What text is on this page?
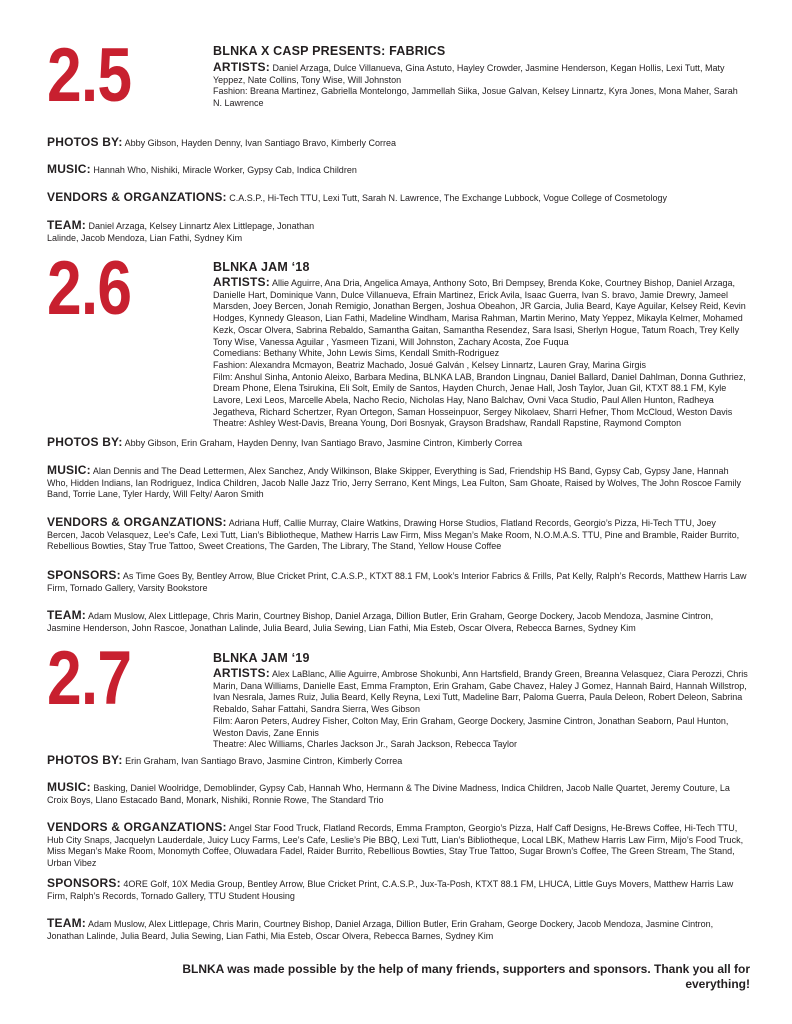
2.5	BLNKA X CASP PRESENTS: FABRICS
ARTISTS: Daniel Arzaga, Dulce Villanueva, Gina Astuto, Hayley Crowder, Jasmine Henderson, Kegan Hollis, Lexi Tutt, Maty Yeppez, Nate Collins, Tony Wise, Will Johnston
Fashion: Breana Martinez, Gabriella Montelongo, Jammellah Siika, Josue Galvan, Kelsey Linnartz, Kyra Jones, Mona Maher, Sarah N. Lawrence
PHOTOS BY: Abby Gibson, Hayden Denny, Ivan Santiago Bravo, Kimberly Correa
MUSIC: Hannah Who, Nishiki, Miracle Worker, Gypsy Cab, Indica Children
VENDORS & ORGANZATIONS: C.A.S.P., Hi-Tech TTU, Lexi Tutt, Sarah N. Lawrence, The Exchange Lubbock, Vogue College of Cosmetology
TEAM: Daniel Arzaga, Kelsey Linnartz Alex Littlepage, Jonathan Lalinde, Jacob Mendoza, Lian Fathi, Sydney Kim
2.6	BLNKA JAM ‘18
ARTISTS: Allie Aguirre, Ana Dria, Angelica Amaya, Anthony Soto, Bri Dempsey, Brenda Koke, Courtney Bishop, Daniel Arzaga, Danielle Hart, Dominique Vann, Dulce Villanueva, Efrain Martinez, Erick Avila, Isaac Guerra, Ivan S. bravo, Jamie Drewry, Jameel Marsden, Joey Bercen, Jonah Remigio, Jonathan Bergen, Joshua Obeahon, JR Garcia, Julia Beard, Kaye Aguilar, Kelsey Reid, Kevin Hodges, Kynnedy Gleason, Lian Fathi, Madeline Windham, Marisa Rahman, Martin Merino, Maty Yeppez, Mikayla Kelmer, Mohamed Kezk, Oscar Olvera, Sabrina Rebaldo, Samantha Gaitan, Samantha Resendez, Sara Isasi, Sherlyn Hogue, Tatum Roach, Trey Kelly Tony Wise, Vanessa Aguilar , Yasmeen Tizani, Will Johnston, Zachary Acosta, Zoe Fuqua
Comedians: Bethany White, John Lewis Sims, Kendall Smith-Rodriguez
Fashion: Alexandra Mcmayon, Beatriz Machado, Josué Galván , Kelsey Linnartz, Lauren Gray, Marina Girgis
Film: Anshul Sinha, Antonio Aleixo, Barbara Medina, BLNKA LAB, Brandon Lingnau, Daniel Ballard, Daniel Dahlman, Donna Guthriez, Dream Phone, Elena Tsirukina, Eli Solt, Emily de Santos, Hayden Church, Jenae Hall, Josh Taylor, Juan Gil, KTXT 88.1 FM, Kyle Lavore, Lexi Leos, Marcelle Abela, Nacho Recio, Nicholas Hay, Nano Balchav, Ovni Vaca Studio, Paul Allen Hunton, Radheya Jegatheva, Richard Schertzer, Ryan Ortegon, Saman Hosseinpuor, Sergey Nikolaev, Sharri Hefner, Thom McCloud, Weston Davis
Theatre: Ashley West-Davis, Breana Young, Dori Bosnyak, Grayson Bradshaw, Randall Rapstine, Raymond Compton
PHOTOS BY: Abby Gibson, Erin Graham, Hayden Denny, Ivan Santiago Bravo, Jasmine Cintron, Kimberly Correa
MUSIC: Alan Dennis and The Dead Lettermen, Alex Sanchez, Andy Wilkinson, Blake Skipper, Everything is Sad, Friendship HS Band, Gypsy Cab, Gypsy Jane, Hannah Who, Hidden Indians, Ian Rodriguez, Indica Children, Jacob Nalle Jazz Trio, Jerry Serrano, Kent Mings, Lea Fulton, Sam Ghoate, Raised by Wolves, The John Roscoe Family Band, Torrie Lane, Tyler Hardy, Will Felty/ Aaron Smith
VENDORS & ORGANZATIONS: Adriana Huff, Callie Murray, Claire Watkins, Drawing Horse Studios, Flatland Records, Georgio’s Pizza, Hi-Tech TTU, Joey Bercen, Jacob Velasquez, Lee’s Cafe, Lexi Tutt, Lian’s Bibliotheque, Mathew Harris Law Firm, Miss Megan’s Make Room, N.O.M.A.S. TTU, Pine and Bramble, Raider Burrito, Rebellious Bowties, Stay True Tattoo, Sweet Creations, The Garden, The Library, The Stand, Yellow House Coffee
SPONSORS: As Time Goes By, Bentley Arrow, Blue Cricket Print, C.A.S.P., KTXT 88.1 FM, Look’s Interior Fabrics & Frills, Pat Kelly, Ralph’s Records, Matthew Harris Law Firm, Tornado Gallery, Varsity Bookstore
TEAM: Adam Muslow, Alex Littlepage, Chris Marin, Courtney Bishop, Daniel Arzaga, Dillion Butler, Erin Graham, George Dockery, Jacob Mendoza, Jasmine Cintron, Jasmine Henderson, John Rascoe, Jonathan Lalinde, Julia Beard, Julia Sewing, Lian Fathi, Mia Esteb, Oscar Olvera, Rebecca Barnes, Sydney Kim
2.7	BLNKA JAM ‘19
ARTISTS: Alex LaBlanc, Allie Aguirre, Ambrose Shokunbi, Ann Hartsfield, Brandy Green, Breanna Velasquez, Ciara Perozzi, Chris Marin, Dana Williams, Danielle East, Emma Frampton, Erin Graham, Gabe Chavez, Haley J Gomez, Hannah Baird, Hannah Willstrop, Ivan Nesrala, James Ruiz, Julia Beard, Kelly Reyna, Lexi Tutt, Madeline Barr, Paloma Guerra, Paula Deleon, Robert Deleon, Sabrina Rebaldo, Sahar Fattahi, Sandra Sierra, Wes Gibson
Film: Aaron Peters, Audrey Fisher, Colton May, Erin Graham, George Dockery, Jasmine Cintron, Jonathan Seaborn, Paul Hunton, Weston Davis, Zane Ennis
Theatre: Alec Williams, Charles Jackson Jr., Sarah Jackson, Rebecca Taylor
PHOTOS BY: Erin Graham, Ivan Santiago Bravo, Jasmine Cintron, Kimberly Correa
MUSIC: Basking, Daniel Woolridge, Demoblinder, Gypsy Cab, Hannah Who, Hermann & The Divine Madness, Indica Children, Jacob Nalle Quartet, Jeremy Couture, La Croix Boys, Llano Estacado Band, Monark, Nishiki, Ronnie Rowe, The Standard Trio
VENDORS & ORGANZATIONS: Angel Star Food Truck, Flatland Records, Emma Frampton, Georgio’s Pizza, Half Caff Designs, He-Brews Coffee, Hi-Tech TTU, Hub City Snaps, Jacquelyn Lauderdale, Juicy Lucy Farms, Lee’s Cafe, Leslie’s Pie BBQ, Lexi Tutt, Lian’s Bibliotheque, Local LBK, Mathew Harris Law Firm, Mijo’s Food Truck, Miss Megan’s Make Room, Monomyth Coffee, Oluwadara Fadel, Raider Burrito, Rebellious Bowties, Stay True Tattoo, Sugar Brown’s Coffee, The Green Stream, The Stand, Urban Vibez
SPONSORS: 4ORE Golf, 10X Media Group, Bentley Arrow, Blue Cricket Print, C.A.S.P., Jux-Ta-Posh, KTXT 88.1 FM, LHUCA, Little Guys Movers, Matthew Harris Law Firm, Ralph’s Records, Tornado Gallery, TTU Student Housing
TEAM: Adam Muslow, Alex Littlepage, Chris Marin, Courtney Bishop, Daniel Arzaga, Dillion Butler, Erin Graham, George Dockery, Jacob Mendoza, Jasmine Cintron, Jonathan Lalinde, Julia Beard, Julia Sewing, Lian Fathi, Mia Esteb, Oscar Olvera, Rebecca Barnes, Sydney Kim
BLNKA was made possible by the help of many friends, supporters and sponsors. Thank you all for everything!
